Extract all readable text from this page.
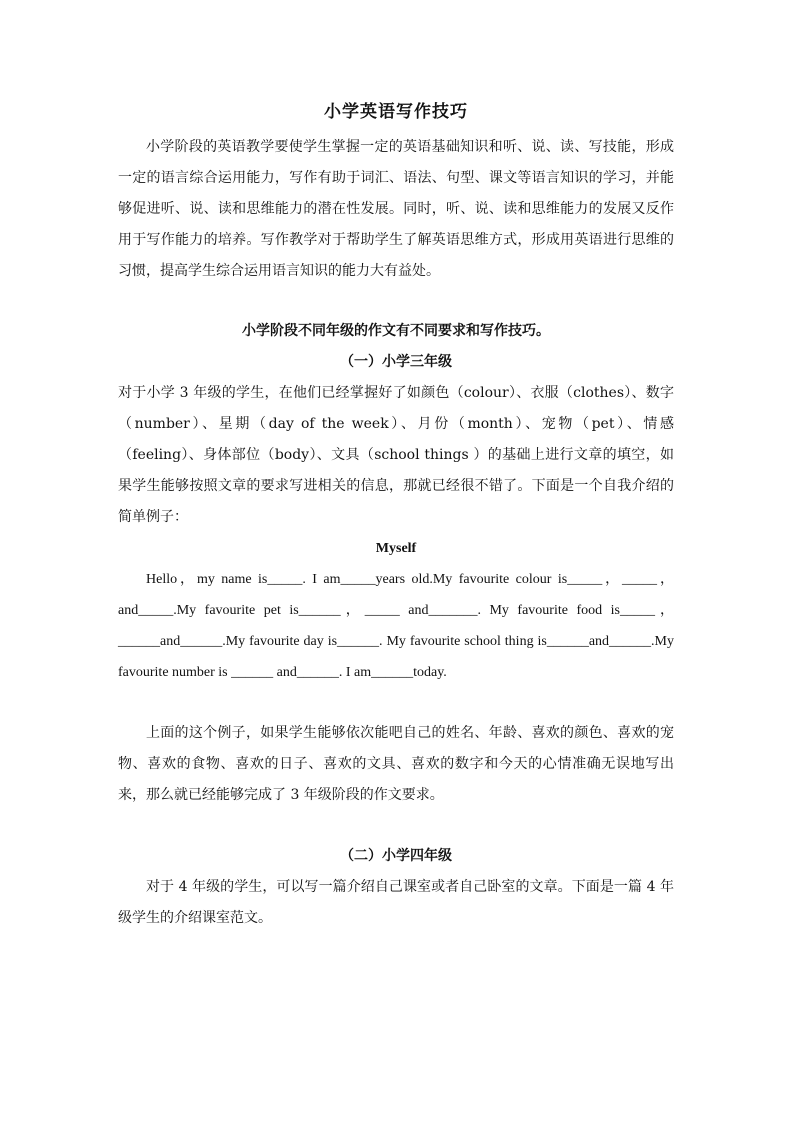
小学英语写作技巧

小学阶段的英语教学要使学生掌握一定的英语基础知识和听、说、读、写技能，形成一定的语言综合运用能力，写作有助于词汇、语法、句型、课文等语言知识的学习，并能够促进听、说、读和思维能力的潜在性发展。同时，听、说、读和思维能力的发展又反作用于写作能力的培养。写作教学对于帮助学生了解英语思维方式，形成用英语进行思维的习惯，提高学生综合运用语言知识的能力大有益处。

小学阶段不同年级的作文有不同要求和写作技巧。

（一）小学三年级

对于小学 3 年级的学生，在他们已经掌握好了如颜色（colour）、衣服（clothes）、数字（number）、星期（day of the week）、月份（month）、宠物（pet）、情感（feeling）、身体部位（body）、文具（school things ）的基础上进行文章的填空，如果学生能够按照文章的要求写进相关的信息，那就已经很不错了。下面是一个自我介绍的简单例子：

Myself

Hello，my name is_____. I am_____years old.My favourite colour is_____，_____，and_____.My favourite pet is______，_____ and_______. My favourite food is_____，______and______.My favourite day is______. My favourite school thing is______and______.My favourite number is ______ and______. I am______today.

上面的这个例子，如果学生能够依次能吧自己的姓名、年龄、喜欢的颜色、喜欢的宠物、喜欢的食物、喜欢的日子、喜欢的文具、喜欢的数字和今天的心情准确无误地写出来，那么就已经能够完成了 3 年级阶段的作文要求。

（二）小学四年级

对于 4 年级的学生，可以写一篇介绍自己课室或者自己卧室的文章。下面是一篇 4 年级学生的介绍课室范文。
